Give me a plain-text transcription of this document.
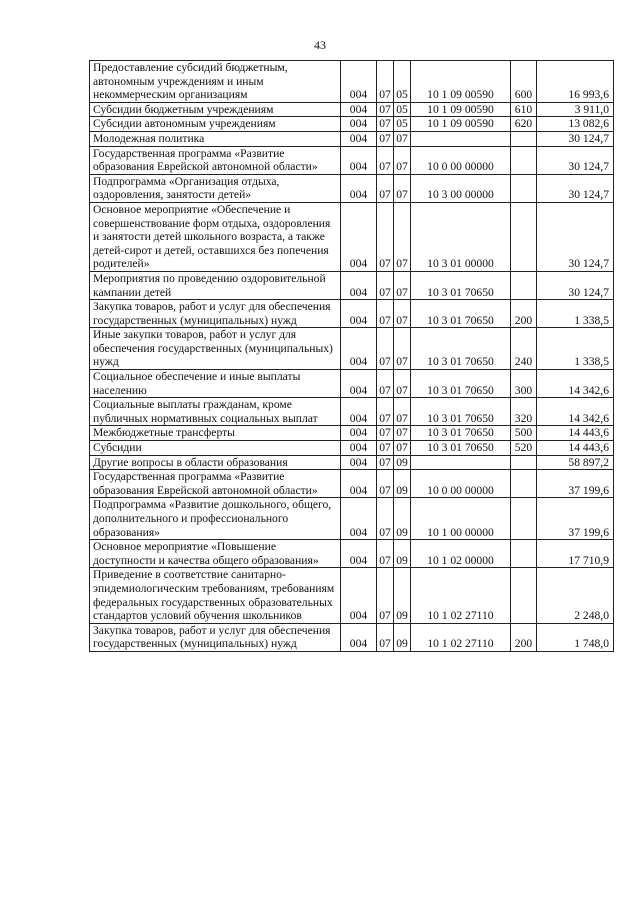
43
Предоставление субсидий бюджетным, автономным учреждениям и иным некоммерческим организациям	004	07	05	10 1 09 00590	600	16 993,6
Субсидии бюджетным учреждениям	004	07	05	10 1 09 00590	610	3 911,0
Субсидии автономным учреждениям	004	07	05	10 1 09 00590	620	13 082,6
Молодежная политика	004	07	07			30 124,7
Государственная программа «Развитие образования Еврейской автономной области»	004	07	07	10 0 00 00000		30 124,7
Подпрограмма «Организация отдыха, оздоровления, занятости детей»	004	07	07	10 3 00 00000		30 124,7
Основное мероприятие «Обеспечение и совершенствование форм отдыха, оздоровления и занятости детей школьного возраста, а также детей-сирот и детей, оставшихся без попечения родителей»	004	07	07	10 3 01 00000		30 124,7
Мероприятия по проведению оздоровительной кампании детей	004	07	07	10 3 01 70650		30 124,7
Закупка товаров, работ и услуг для обеспечения государственных (муниципальных) нужд	004	07	07	10 3 01 70650	200	1 338,5
Иные закупки товаров, работ и услуг для обеспечения государственных (муниципальных) нужд	004	07	07	10 3 01 70650	240	1 338,5
Социальное обеспечение и иные выплаты населению	004	07	07	10 3 01 70650	300	14 342,6
Социальные выплаты гражданам, кроме публичных нормативных социальных выплат	004	07	07	10 3 01 70650	320	14 342,6
Межбюджетные трансферты	004	07	07	10 3 01 70650	500	14 443,6
Субсидии	004	07	07	10 3 01 70650	520	14 443,6
Другие вопросы в области образования	004	07	09			58 897,2
Государственная программа «Развитие образования Еврейской автономной области»	004	07	09	10 0 00 00000		37 199,6
Подпрограмма «Развитие дошкольного, общего, дополнительного и профессионального образования»	004	07	09	10 1 00 00000		37 199,6
Основное мероприятие «Повышение доступности и качества общего образования»	004	07	09	10 1 02 00000		17 710,9
Приведение в соответствие санитарно-эпидемиологическим требованиям, требованиям федеральных государственных образовательных стандартов условий обучения школьников	004	07	09	10 1 02 27110		2 248,0
Закупка товаров, работ и услуг для обеспечения государственных (муниципальных) нужд	004	07	09	10 1 02 27110	200	1 748,0
